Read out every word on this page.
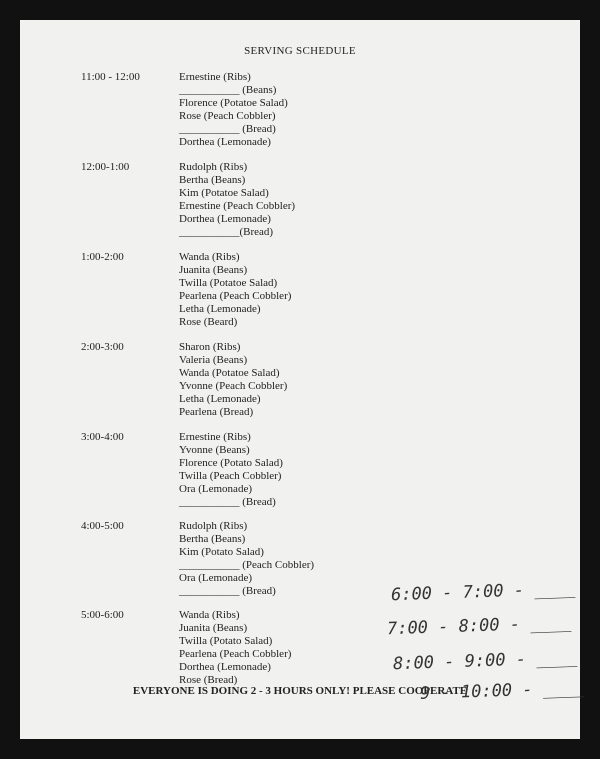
SERVING SCHEDULE
11:00 - 12:00	Ernestine (Ribs)
___________ (Beans)
Florence (Potatoe Salad)
Rose (Peach Cobbler)
___________ (Bread)
Dorthea (Lemonade)
12:00-1:00	Rudolph (Ribs)
Bertha (Beans)
Kim (Potatoe Salad)
Ernestine (Peach Cobbler)
Dorthea (Lemonade)
___________(Bread)
1:00-2:00	Wanda (Ribs)
Juanita (Beans)
Twilla (Potatoe Salad)
Pearlena (Peach Cobbler)
Letha (Lemonade)
Rose (Beard)
2:00-3:00	Sharon (Ribs)
Valeria (Beans)
Wanda (Potatoe Salad)
Yvonne (Peach Cobbler)
Letha (Lemonade)
Pearlena (Bread)
3:00-4:00	Ernestine (Ribs)
Yvonne (Beans)
Florence (Potato Salad)
Twilla (Peach Cobbler)
Ora (Lemonade)
___________ (Bread)
4:00-5:00	Rudolph (Ribs)
Bertha (Beans)
Kim (Potato Salad)
___________ (Peach Cobbler)
Ora (Lemonade)
___________ (Bread)
5:00-6:00	Wanda (Ribs)
Juanita (Beans)
Twilla (Potato Salad)
Pearlena (Peach Cobbler)
Dorthea (Lemonade)
Rose (Bread)
EVERYONE IS DOING 2 - 3 HOURS ONLY! PLEASE COOPERATE
6:00 - 7:00 - ____
7:00 - 8:00 - ____
8:00 - 9:00 - ____
9 - 10:00 - ____
